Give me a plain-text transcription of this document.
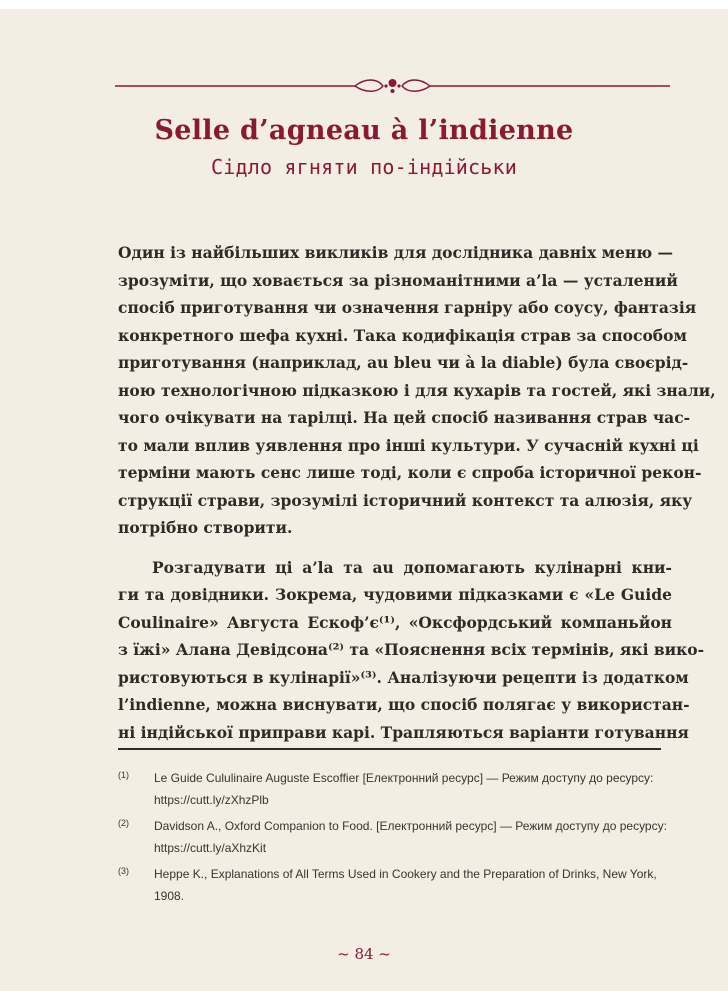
Selle d’agneau à l’indienne
Сідло ягняти по-індійськи
Один із найбільших викликів для дослідника давніх меню —
зрозуміти, що ховається за різноманітними a’la — усталений
спосіб приготування чи означення гарніру або соусу, фантазія
конкретного шефа кухні. Така кодифікація страв за способом
приготування (наприклад, au bleu чи à la diable) була своєрід-
ною технологічною підказкою і для кухарів та гостей, які знали,
чого очікувати на тарілці. На цей спосіб називання страв час-
то мали вплив уявлення про інші культури. У сучасній кухні ці
терміни мають сенс лише тоді, коли є спроба історичної рекон-
струкції страви, зрозумілі історичний контекст та алюзія, яку
потрібно створити.
Розгадувати ці a’la та au допомагають кулінарні кни-
ги та довідники. Зокрема, чудовими підказками є «Le Guide
Coulinaire» Августа Ескоф’є⁽¹⁾, «Оксфордський компаньйон
з їжі» Алана Девідсона⁽²⁾ та «Пояснення всіх термінів, які вико-
ристовуються в кулінарії»⁽³⁾. Аналізуючи рецепти із додатком
l’indienne, можна виснувати, що спосіб полягає у використан-
ні індійської приправи карі. Трапляються варіанти готування
(1) Le Guide Cululinaire Auguste Escoffier [Електронний ресурс] — Режим доступу до ресурсу: https://cutt.ly/zXhzPlb
(2) Davidson A., Oxford Companion to Food. [Електронний ресурс] — Режим доступу до ресурсу: https://cutt.ly/aXhzKit
(3) Heppe K., Explanations of All Terms Used in Cookery and the Preparation of Drinks, New York, 1908.
~ 84 ~
